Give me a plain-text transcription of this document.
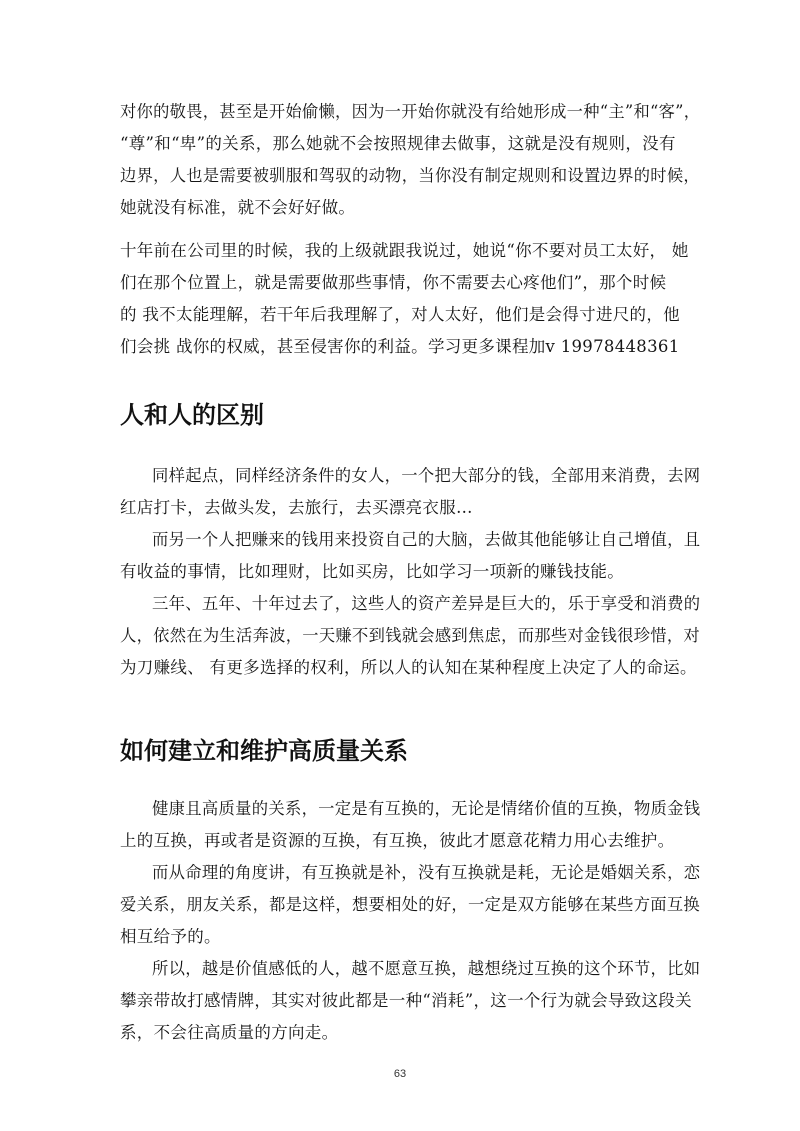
对你的敬畏，甚至是开始偷懒，因为一开始你就没有给她形成一种“主”和“客”，
“尊”和“卑”的关系，那么她就不会按照规律去做事，这就是没有规则，没有
边界，人也是需要被驯服和驾驭的动物，当你没有制定规则和设置边界的时候，
她就没有标准，就不会好好做。
十年前在公司里的时候，我的上级就跟我说过，她说“你不要对员工太好， 她
们在那个位置上，就是需要做那些事情，你不需要去心疼他们”，那个时候
的 我不太能理解，若干年后我理解了，对人太好，他们是会得寸进尺的，他
们会挑 战你的权威，甚至侵害你的利益。学习更多课程加v 19978448361
人和人的区别
同样起点，同样经济条件的女人，一个把大部分的钱，全部用来消费，去网
红店打卡，去做头发，去旅行，去买漂亮衣服…
而另一个人把赚来的钱用来投资自己的大脑，去做其他能够让自己增值，且
有收益的事情，比如理财，比如买房，比如学习一项新的赚钱技能。
三年、五年、十年过去了，这些人的资产差异是巨大的，乐于享受和消费的
人，依然在为生活奔波，一天赚不到钱就会感到焦虑，而那些对金钱很珍惜，对
为刀赚线、 有更多选择的权利，所以人的认知在某种程度上决定了人的命运。
如何建立和维护高质量关系
健康且高质量的关系，一定是有互换的，无论是情绪价值的互换，物质金钱
上的互换，再或者是资源的互换，有互换，彼此才愿意花精力用心去维护。
而从命理的角度讲，有互换就是补，没有互换就是耗，无论是婚姻关系，恋
爱关系，朋友关系，都是这样，想要相处的好，一定是双方能够在某些方面互换
相互给予的。
所以，越是价值感低的人，越不愿意互换，越想绕过互换的这个环节，比如
攀亲带故打感情牌，其实对彼此都是一种“消耗”，这一个行为就会导致这段关
系，不会往高质量的方向走。
63
